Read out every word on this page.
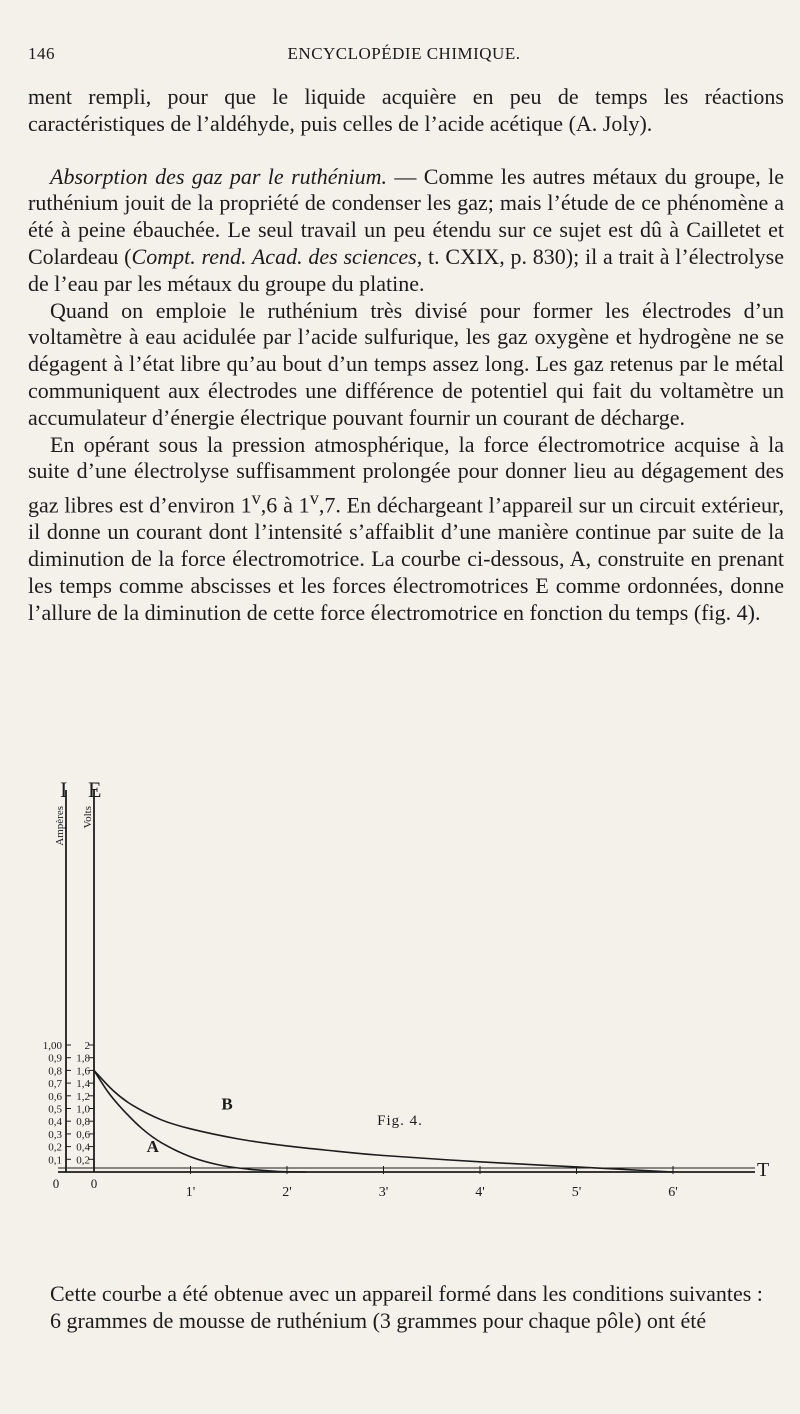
146	ENCYCLOPÉDIE CHIMIQUE.

ment rempli, pour que le liquide acquière en peu de temps les réactions caractéristiques de l’aldéhyde, puis celles de l’acide acétique (A. Joly).

Absorption des gaz par le ruthénium. — Comme les autres métaux du groupe, le ruthénium jouit de la propriété de condenser les gaz; mais l’étude de ce phénomène a été à peine ébauchée. Le seul travail un peu étendu sur ce sujet est dû à Cailletet et Colardeau (Compt. rend. Acad. des sciences, t. CXIX, p. 830); il a trait à l’électrolyse de l’eau par les métaux du groupe du platine.

Quand on emploie le ruthénium très divisé pour former les électrodes d’un voltamètre à eau acidulée par l’acide sulfurique, les gaz oxygène et hydrogène ne se dégagent à l’état libre qu’au bout d’un temps assez long. Les gaz retenus par le métal communiquent aux électrodes une différence de potentiel qui fait du voltamètre un accumulateur d’énergie électrique pouvant fournir un courant de décharge.

En opérant sous la pression atmosphérique, la force électromotrice acquise à la suite d’une électrolyse suffisamment prolongée pour donner lieu au dégagement des gaz libres est d’environ 1$^v$,6 à 1$^v$,7. En déchargeant l’appareil sur un circuit extérieur, il donne un courant dont l’intensité s’affaiblit d’une manière continue par suite de la diminution de la force électromotrice. La courbe ci-dessous, A, construite en prenant les temps comme abscisses et les forces électromotrices E comme ordonnées, donne l’allure de la diminution de cette force électromotrice en fonction du temps (fig. 4).

0,1
0,2
0,3
0,4
0,5
0,6
0,7
0,8
0,9
1,00
0,2
0,4
0,6
0,8
1,0
1,2
1,4
1,6
1,8
2
1'	2'	3'	4'	5'	6'
I E
T
0 0
Ampères Volts
A
B
Fig. 4.

Cette courbe a été obtenue avec un appareil formé dans les conditions suivantes :

6 grammes de mousse de ruthénium (3 grammes pour chaque pôle) ont été
